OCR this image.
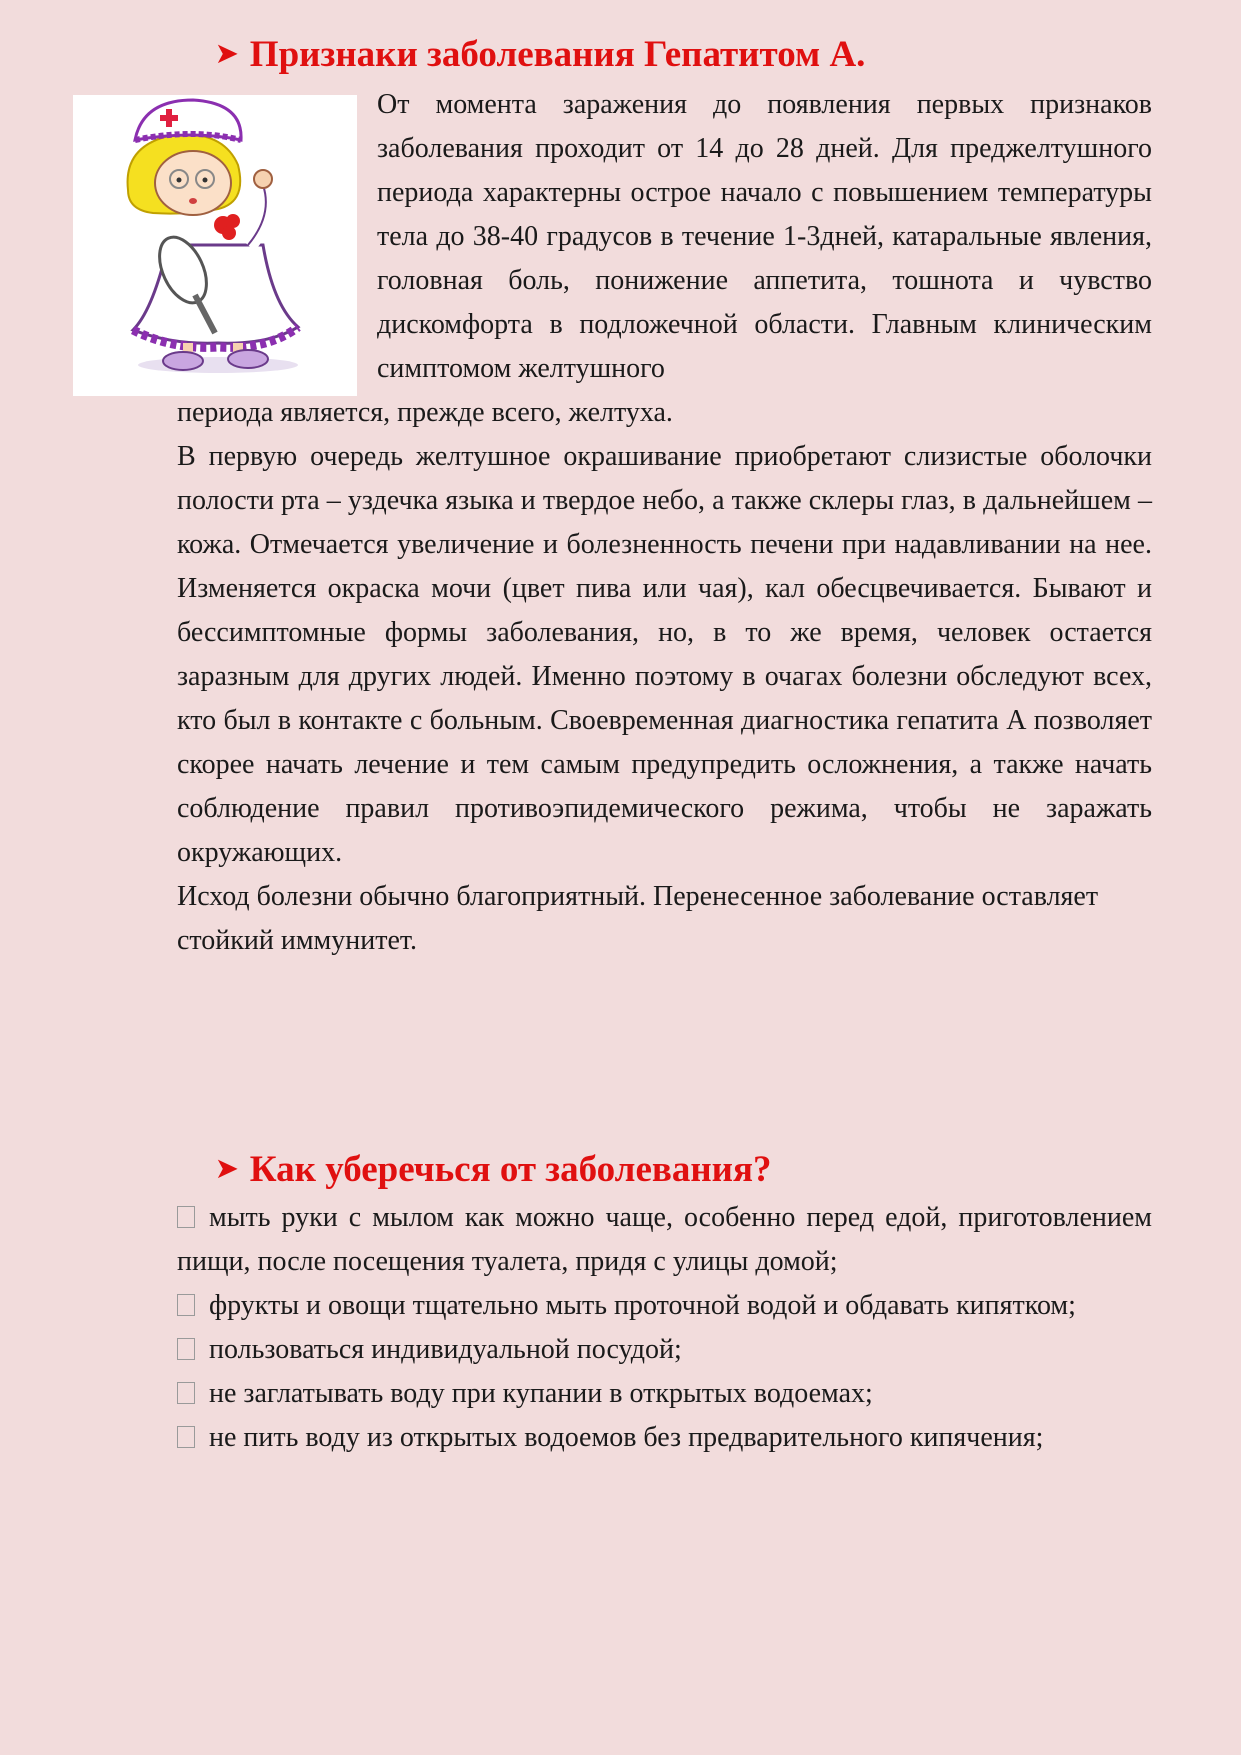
➤ Признаки заболевания Гепатитом А.

От момента заражения до появления первых признаков заболевания проходит от 14 до 28 дней. Для преджелтушного периода характерны острое начало с повышением температуры тела до 38-40 градусов в течение 1-3дней, катаральные явления, головная боль, понижение аппетита, тошнота и чувство дискомфорта в подложечной области. Главным клиническим симптомом желтушного

периода является, прежде всего, желтуха.

В первую очередь желтушное окрашивание приобретают слизистые оболочки полости рта – уздечка языка и твердое небо, а также склеры глаз, в дальнейшем – кожа. Отмечается увеличение и болезненность печени при надавливании на нее. Изменяется окраска мочи (цвет пива или чая), кал обесцвечивается. Бывают и бессимптомные формы заболевания, но, в то же время, человек остается заразным для других людей. Именно поэтому в очагах болезни обследуют всех, кто был в контакте с больным. Своевременная диагностика гепатита А позволяет скорее начать лечение и тем самым предупредить осложнения, а также начать соблюдение правил противоэпидемического режима, чтобы не заражать окружающих.

Исход болезни обычно благоприятный. Перенесенное заболевание оставляет стойкий иммунитет.

➤ Как уберечься от заболевания?

мыть руки с мылом как можно чаще, особенно перед едой, приготовлением пищи, после посещения туалета, придя с улицы домой;

фрукты и овощи тщательно мыть проточной водой и обдавать кипятком;

пользоваться индивидуальной посудой;

не заглатывать воду при купании в открытых водоемах;

не пить воду из открытых водоемов без предварительного кипячения;
